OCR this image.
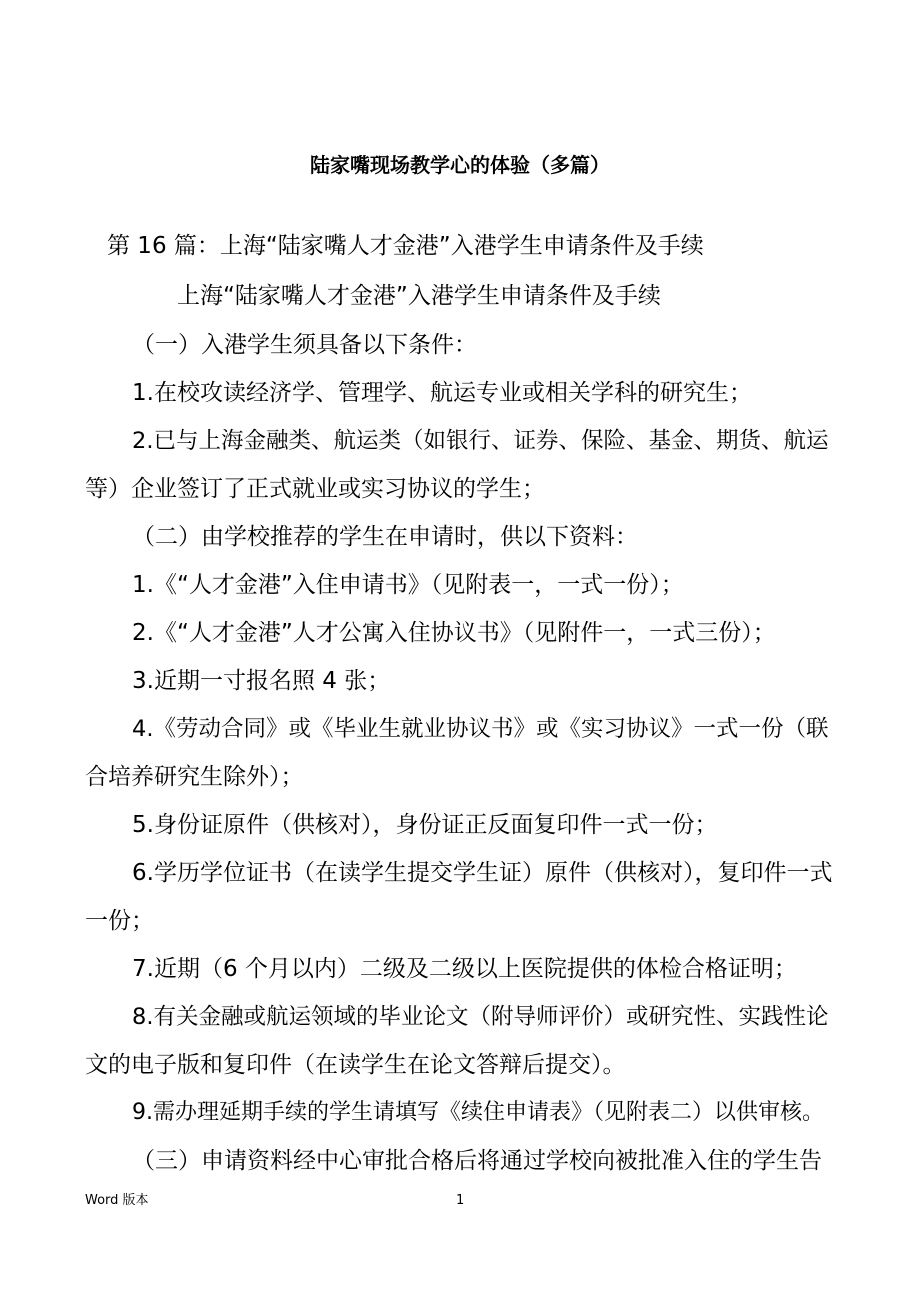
陆家嘴现场教学心的体验（多篇）
第 16 篇：上海“陆家嘴人才金港”入港学生申请条件及手续
上海“陆家嘴人才金港”入港学生申请条件及手续
（一）入港学生须具备以下条件：
1.在校攻读经济学、管理学、航运专业或相关学科的研究生；
2.已与上海金融类、航运类（如银行、证券、保险、基金、期货、航运
等）企业签订了正式就业或实习协议的学生；
（二）由学校推荐的学生在申请时，供以下资料：
1.《“人才金港”入住申请书》（见附表一，一式一份）；
2.《“人才金港”人才公寓入住协议书》（见附件一，一式三份）；
3.近期一寸报名照 4 张；
4.《劳动合同》或《毕业生就业协议书》或《实习协议》一式一份（联
合培养研究生除外）；
5.身份证原件（供核对），身份证正反面复印件一式一份；
6.学历学位证书（在读学生提交学生证）原件（供核对），复印件一式
一份；
7.近期（6 个月以内）二级及二级以上医院提供的体检合格证明；
8.有关金融或航运领域的毕业论文（附导师评价）或研究性、实践性论
文的电子版和复印件（在读学生在论文答辩后提交）。
9.需办理延期手续的学生请填写《续住申请表》（见附表二）以供审核。
（三）申请资料经中心审批合格后将通过学校向被批准入住的学生告
Word 版本	1
